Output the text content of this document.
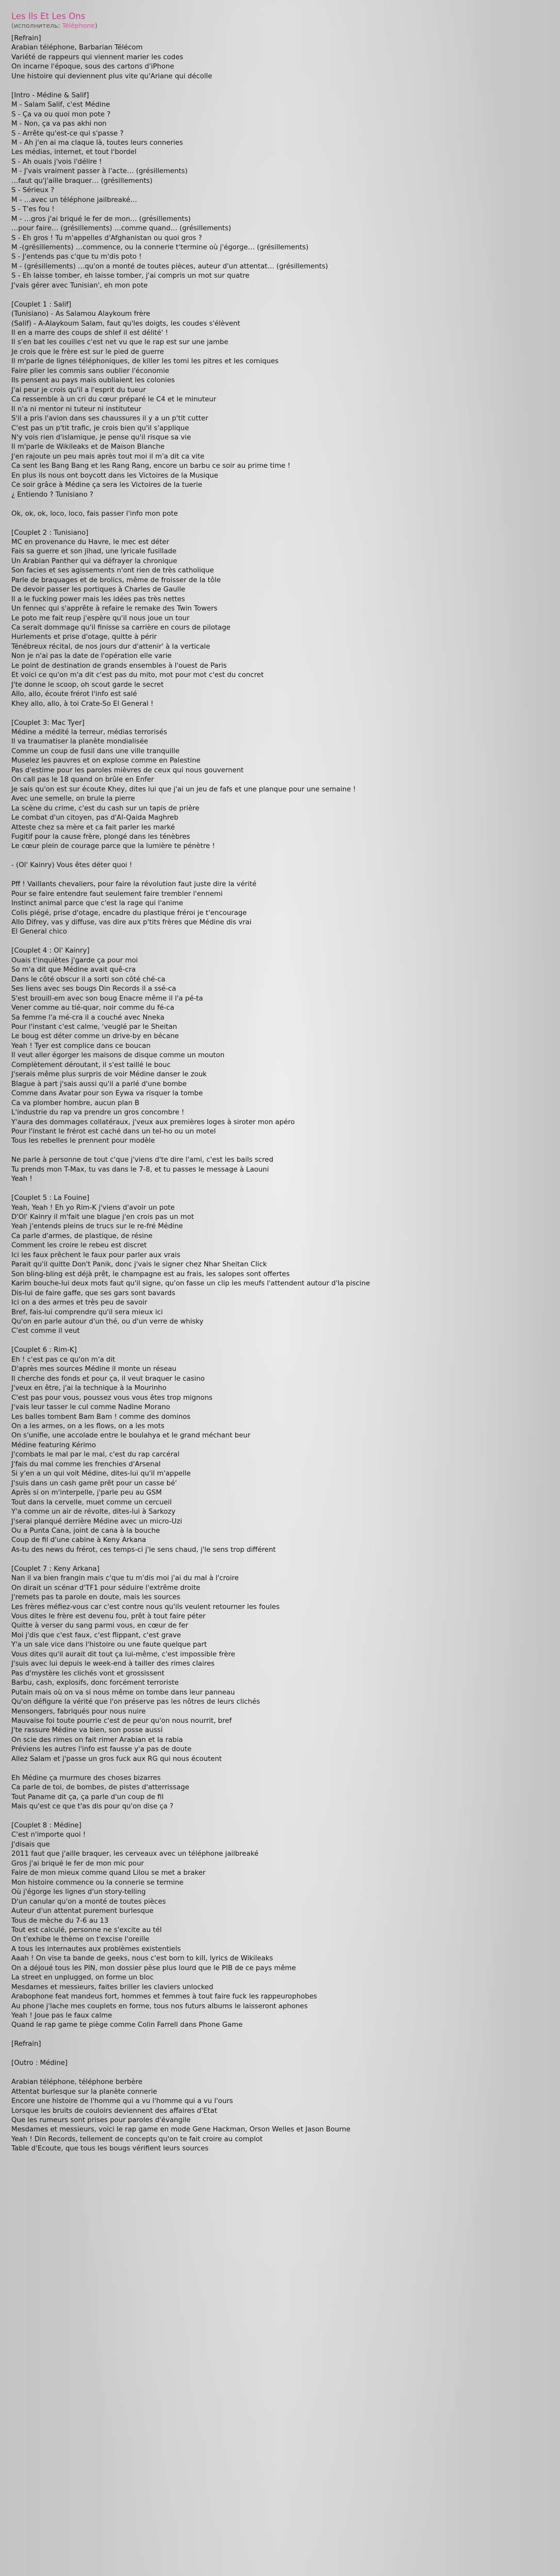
Les Ils Et Les Ons
(исполнитель: Téléphone)
[Refrain]
Arabian téléphone, Barbarian Télécom
Variété de rappeurs qui viennent marier les codes
On incarne l'époque, sous des cartons d'iPhone
Une histoire qui deviennent plus vite qu'Ariane qui décolle
[Intro - Médine & Salif]
M - Salam Salif, c'est Médine
S - Ça va ou quoi mon pote ?
M - Non, ça va pas akhi non
S - Arrête qu'est-ce qui s'passe ?
M - Ah j'en ai ma claque là, toutes leurs conneries
Les médias, internet, et tout l'bordel
S - Ah ouais j'vois l'délire !
M - J'vais vraiment passer à l'acte… (grésillements)
…faut qu'j'aille braquer… (grésillements)
S - Sérieux ?
M - …avec un téléphone jailbreaké…
S - T'es fou !
M - …gros j'ai briqué le fer de mon… (grésillements)
…pour faire… (grésillements) …comme quand… (grésillements)
S - Eh gros ! Tu m'appelles d'Afghanistan ou quoi gros ?
M -(grésillements) …commence, ou la connerie t'termine où j'égorge… (grésillements)
S - J'entends pas c'que tu m'dis poto !
M - (grésillements) …qu'on a monté de toutes pièces, auteur d'un attentat… (grésillements)
S - Eh laisse tomber, eh laisse tomber, j'ai compris un mot sur quatre
J'vais gérer avec Tunisian', eh mon pote
[Couplet 1 : Salif]
(Tunisiano) - As Salamou Alaykoum frère
(Salif) - A-Alaykoum Salam, faut qu'les doigts, les coudes s'élèvent
Il en a marre des coups de shlef il est délité' !
Il s'en bat les couilles c'est net vu que le rap est sur une jambe
Je crois que le frère est sur le pied de guerre
Il m'parle de lignes téléphoniques, de killer les tomi les pitres et les comiques
Faire plier les commis sans oublier l'économie
Ils pensent au pays mais oubliaient les colonies
J'ai peur je crois qu'il a l'esprit du tueur
Ca ressemble à un cri du cœur préparé le C4 et le minuteur
Il n'a ni mentor ni tuteur ni instituteur
S'il a pris l'avion dans ses chaussures il y a un p'tit cutter
C'est pas un p'tit trafic, je crois bien qu'il s'applique
N'y vois rien d'islamique, je pense qu'il risque sa vie
Il m'parle de Wikileaks et de Maison Blanche
J'en rajoute un peu mais après tout moi il m'a dit ca vite
Ca sent les Bang Bang et les Rang Rang, encore un barbu ce soir au prime time !
En plus ils nous ont boycott dans les Victoires de la Musique
Ce soir grâce à Médine ça sera les Victoires de la tuerie
¿ Entiendo ? Tunisiano ?
Ok, ok, ok, loco, loco, fais passer l'info mon pote
[Couplet 2 : Tunisiano]
MC en provenance du Havre, le mec est déter
Fais sa guerre et son jihad, une lyricale fusillade
Un Arabian Panther qui va défrayer la chronique
Son facies et ses agissements n'ont rien de très catholique
Parle de braquages et de brolics, même de froisser de la tôle
De devoir passer les portiques à Charles de Gaulle
Il a le fucking power mais les idées pas très nettes
Un fennec qui s'apprête à refaire le remake des Twin Towers
Le poto me fait reup j'espère qu'il nous joue un tour
Ca serait dommage qu'il finisse sa carrière en cours de pilotage
Hurlements et prise d'otage, quitte à périr
Ténébreux récital, de nos jours dur d'attenir' à la verticale
Non je n'ai pas la date de l'opération elle varie
Le point de destination de grands ensembles à l'ouest de Paris
Et voici ce qu'on m'a dit c'est pas du mito, mot pour mot c'est du concret
J'te donne le scoop, oh scout garde le secret
Allo, allo, écoute frérot l'info est salé
Khey allo, allo, à toi Crate-So El General !
[Couplet 3: Mac Tyer]
Médine a médité la terreur, médias terrorisés
Il va traumatiser la planète mondialisée
Comme un coup de fusil dans une ville tranquille
Muselez les pauvres et on explose comme en Palestine
Pas d'estime pour les paroles mièvres de ceux qui nous gouvernent
On call pas le 18 quand on brûle en Enfer
Je sais qu'on est sur écoute Khey, dites lui que j'ai un jeu de fafs et une planque pour une semaine !
Avec une semelle, on brule la pierre
La scène du crime, c'est du cash sur un tapis de prière
Le combat d'un citoyen, pas d'Al-Qaida Maghreb
Atteste chez sa mère et ca fait parler les marké
Fugitif pour la cause frère, plongé dans les ténèbres
Le cœur plein de courage parce que la lumière te pénètre !
- (Ol' Kainry) Vous êtes déter quoi !
Pff ! Vaillants chevaliers, pour faire la révolution faut juste dire la vérité
Pour se faire entendre faut seulement faire trembler l'ennemi
Instinct animal parce que c'est la rage qui l'anime
Colis piégé, prise d'otage, encadre du plastique fréroi je t'encourage
Allo Difrey, vas y diffuse, vas dire aux p'tits frères que Médine dis vrai
El General chico
[Couplet 4 : Ol' Kainry]
Ouais t'inquiètes j'garde ça pour moi
So m'a dit que Médine avait quê-cra
Dans le côté obscur il a sorti son côté ché-ca
Ses liens avec ses bougs Din Records il a ssé-ca
S'est brouill-em avec son boug Enacre même il l'a pé-ta
Vener comme au tié-quar, noir comme du fé-ca
Sa femme l'a mé-cra il a couché avec Nneka
Pour l'instant c'est calme, 'veuglé par le Sheitan
Le boug est déter comme un drive-by en bécane
Yeah ! Tyer est complice dans ce boucan
Il veut aller égorger les maisons de disque comme un mouton
Complètement déroutant, il s'est taillé le bouc
J'serais même plus surpris de voir Médine danser le zouk
Blague à part j'sais aussi qu'il a parlé d'une bombe
Comme dans Avatar pour son Eywa va risquer la tombe
Ca va plomber hombre, aucun plan B
L'industrie du rap va prendre un gros concombre !
Y'aura des dommages collatéraux, j'veux aux premières loges à siroter mon apéro
Pour l'instant le frérot est caché dans un tel-ho ou un motel
Tous les rebelles le prennent pour modèle
Ne parle à personne de tout c'que j'viens d'te dire l'ami, c'est les bails scred
Tu prends mon T-Max, tu vas dans le 7-8, et tu passes le message à Laouni
Yeah !
[Couplet 5 : La Fouine]
Yeah, Yeah ! Eh yo Rim-K j'viens d'avoir un pote
D'Ol' Kainry il m'fait une blague j'en crois pas un mot
Yeah j'entends pleins de trucs sur le re-fré Médine
Ca parle d'armes, de plastique, de résine
Comment les croire le rebeu est discret
Ici les faux prêchent le faux pour parler aux vrais
Parait qu'il quitte Don't Panik, donc j'vais le signer chez Nhar Sheitan Click
Son bling-bling est déjà prêt, le champagne est au frais, les salopes sont offertes
Karim bouche-lui deux mots faut qu'il signe, qu'on fasse un clip les meufs l'attendent autour d'la piscine
Dis-lui de faire gaffe, que ses gars sont bavards
Ici on a des armes et très peu de savoir
Bref, fais-lui comprendre qu'il sera mieux ici
Qu'on en parle autour d'un thé, ou d'un verre de whisky
C'est comme il veut
[Couplet 6 : Rim-K]
Eh ! c'est pas ce qu'on m'a dit
D'après mes sources Médine il monte un réseau
Il cherche des fonds et pour ça, il veut braquer le casino
J'veux en être, j'ai la technique à la Mourinho
C'est pas pour vous, poussez vous vous êtes trop mignons
J'vais leur tasser le cul comme Nadine Morano
Les balles tombent Bam Bam ! comme des dominos
On a les armes, on a les flows, on a les mots
On s'unifie, une accolade entre le boulahya et le grand méchant beur
Médine featuring Kérimo
J'combats le mal par le mal, c'est du rap carcéral
J'fais du mal comme les frenchies d'Arsenal
Si y'en a un qui voit Médine, dites-lui qu'il m'appelle
J'suis dans un cash game prêt pour un casse bé'
Après si on m'interpelle, j'parle peu au GSM
Tout dans la cervelle, muet comme un cercueil
Y'a comme un air de révolte, dites-lui à Sarkozy
J'serai planqué derrière Médine avec un micro-Uzi
Ou a Punta Cana, joint de cana à la bouche
Coup de fil d'une cabine à Keny Arkana
As-tu des news du frérot, ces temps-ci j'le sens chaud, j'le sens trop différent
[Couplet 7 : Keny Arkana]
Nan il va bien frangin mais c'que tu m'dis moi j'ai du mal à l'croire
On dirait un scénar d'TF1 pour séduire l'extrême droite
J'remets pas ta parole en doute, mais les sources
Les frères méfiez-vous car c'est contre nous qu'ils veulent retourner les foules
Vous dites le frère est devenu fou, prêt à tout faire péter
Quitte à verser du sang parmi vous, en cœur de fer
Moi j'dis que c'est faux, c'est flippant, c'est grave
Y'a un sale vice dans l'histoire ou une faute quelque part
Vous dites qu'il aurait dit tout ça lui-même, c'est impossible frère
J'suis avec lui depuis le week-end à tailler des rimes claires
Pas d'mystère les clichés vont et grossissent
Barbu, cash, explosifs, donc forcément terroriste
Putain mais où on va si nous même on tombe dans leur panneau
Qu'on défigure la vérité que l'on préserve pas les nôtres de leurs clichés
Mensongers, fabriqués pour nous nuire
Mauvaise foi toute pourrie c'est de peur qu'on nous nourrit, bref
J'te rassure Médine va bien, son posse aussi
On scie des rimes on fait rimer Arabian et la rabia
Préviens les autres l'info est fausse y'a pas de doute
Allez Salam et j'passe un gros fuck aux RG qui nous écoutent
Eh Médine ça murmure des choses bizarres
Ca parle de toi, de bombes, de pistes d'atterrissage
Tout Paname dit ça, ça parle d'un coup de fil
Mais qu'est ce que t'as dis pour qu'on dise ça ?
[Couplet 8 : Médine]
C'est n'importe quoi !
J'disais que
2011 faut que j'aille braquer, les cerveaux avec un téléphone jailbreaké
Gros j'ai briqué le fer de mon mic pour
Faire de mon mieux comme quand Lilou se met a braker
Mon histoire commence ou la connerie se termine
Où j'égorge les lignes d'un story-telling
D'un canular qu'on a monté de toutes pièces
Auteur d'un attentat purement burlesque
Tous de mèche du 7-6 au 13
Tout est calculé, personne ne s'excite au tél
On t'exhibe le thème on t'excise l'oreille
A tous les internautes aux problèmes existentiels
Aaah ! On vise ta bande de geeks, nous c'est born to kill, lyrics de Wikileaks
On a déjoué tous les PIN, mon dossier pèse plus lourd que le PIB de ce pays même
La street en unplugged, on forme un bloc
Mesdames et messieurs, faites briller les claviers unlocked
Arabophone feat mandeus fort, hommes et femmes à tout faire fuck les rappeurophobes
Au phone j'lache mes couplets en forme, tous nos futurs albums le laisseront aphones
Yeah ! Joue pas le faux calme
Quand le rap game te piège comme Colin Farrell dans Phone Game
[Refrain]
[Outro : Médine]
Arabian téléphone, téléphone berbère
Attentat burlesque sur la planète connerie
Encore une histoire de l'homme qui a vu l'homme qui a vu l'ours
Lorsque les bruits de couloirs deviennent des affaires d'Etat
Que les rumeurs sont prises pour paroles d'évangile
Mesdames et messieurs, voici le rap game en mode Gene Hackman, Orson Welles et Jason Bourne
Yeah ! Din Records, tellement de concepts qu'on te fait croire au complot
Table d'Ecoute, que tous les bougs vérifient leurs sources
